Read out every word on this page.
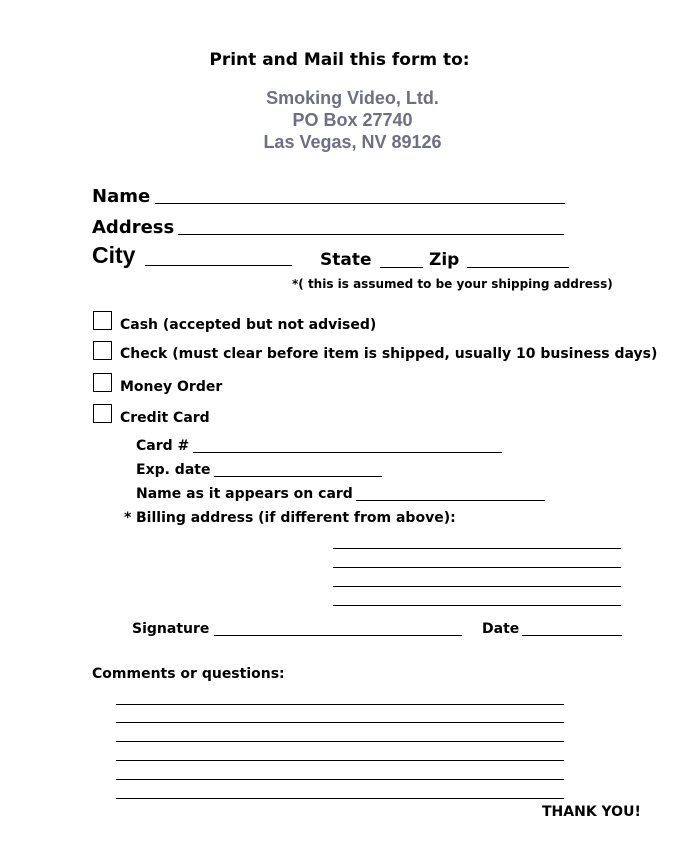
Print and Mail this form to:
Smoking Video, Ltd.
PO Box 27740
Las Vegas, NV 89126
Name
Address
City	State	Zip
*( this is assumed to be your shipping address)
Cash (accepted but not advised)
Check (must clear before item is shipped, usually 10 business days)
Money Order
Credit Card
Card #
Exp. date
Name as it appears on card
* Billing address (if different from above):
Signature	Date
Comments or questions:
THANK YOU!
